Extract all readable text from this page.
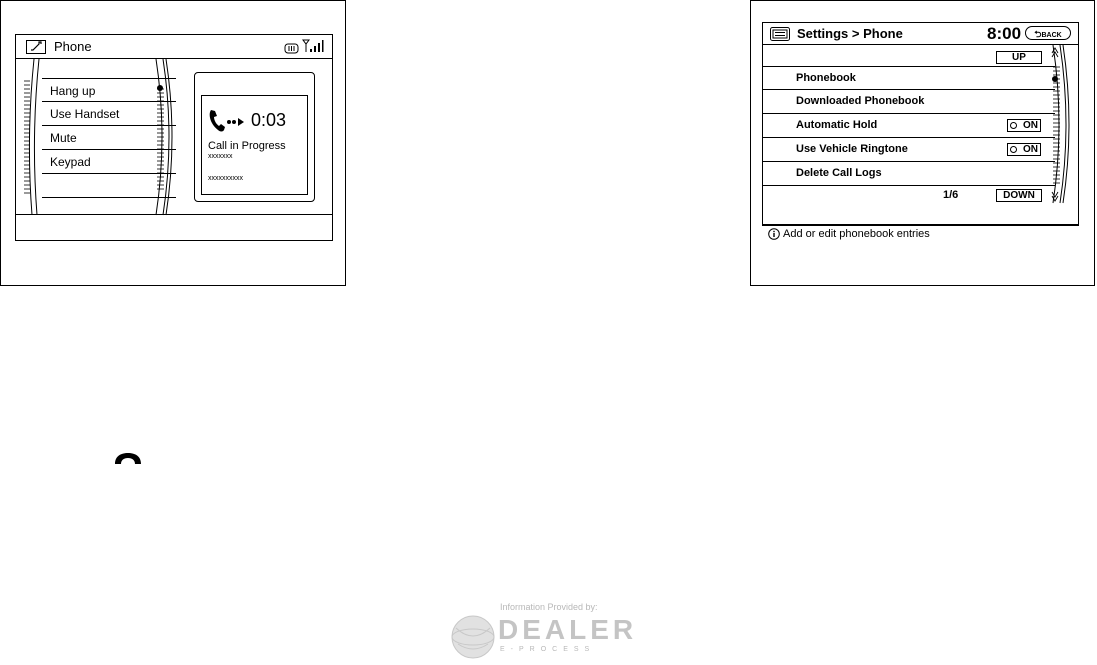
Phone
Hang up
Use Handset
Mute
Keypad
0:03
Call in Progress
xxxxxxx
xxxxxxxxxx
Settings > Phone	8:00	⮌BACK
UP
Phonebook
Downloaded Phonebook
Automatic Hold	ON
Use Vehicle Ringtone	ON
Delete Call Logs
1/6	DOWN
Add or edit phonebook entries
Information Provided by:
DEALER
E-PROCESS
